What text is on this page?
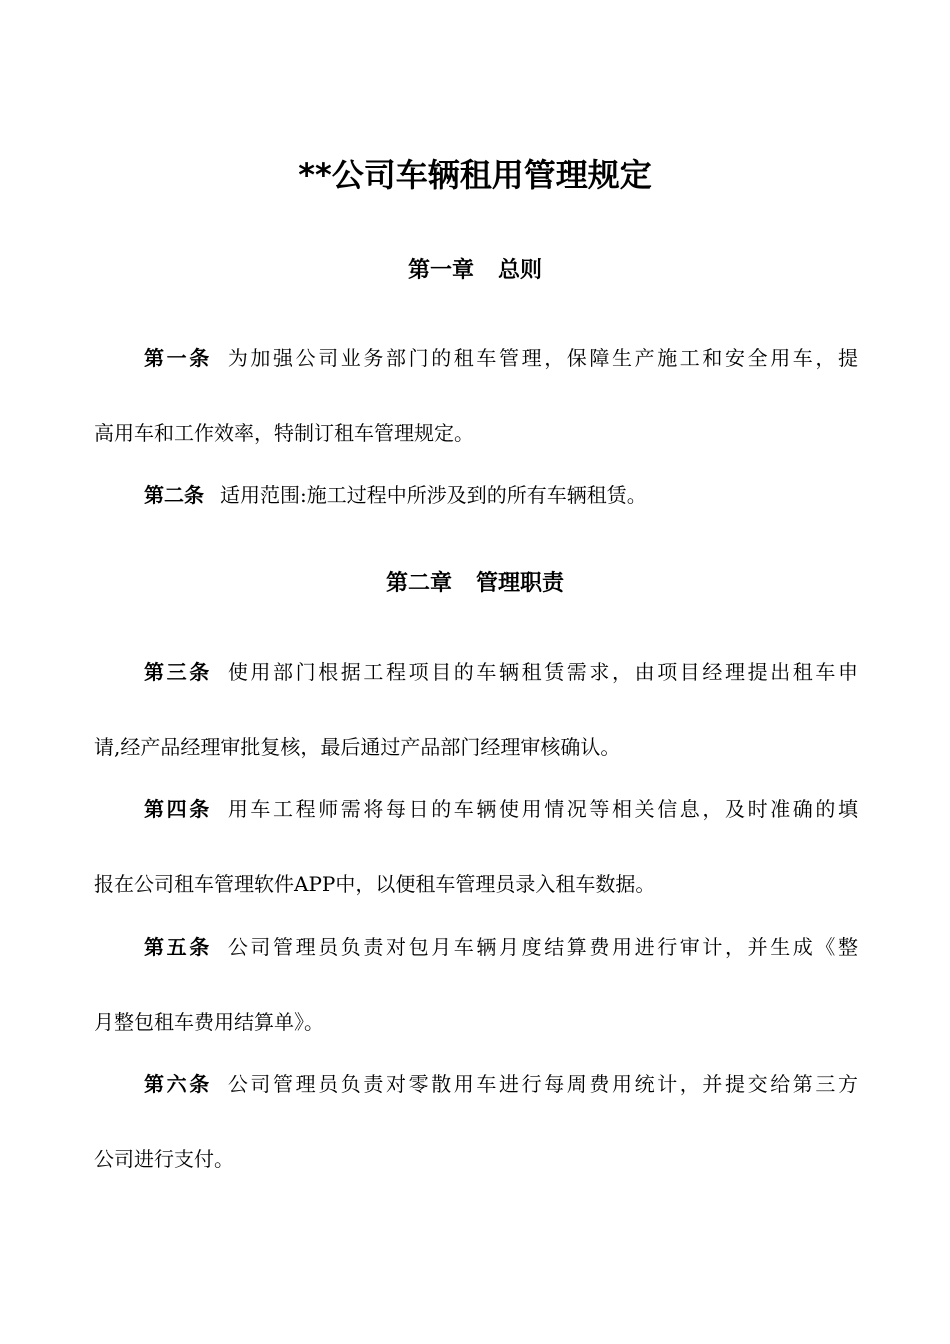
**公司车辆租用管理规定
第一章 总则
第一条 为加强公司业务部门的租车管理，保障生产施工和安全用车，提
高用车和工作效率，特制订租车管理规定。
第二条 适用范围:施工过程中所涉及到的所有车辆租赁。
第二章 管理职责
第三条 使用部门根据工程项目的车辆租赁需求，由项目经理提出租车申
请,经产品经理审批复核，最后通过产品部门经理审核确认。
第四条 用车工程师需将每日的车辆使用情况等相关信息，及时准确的填
报在公司租车管理软件APP中，以便租车管理员录入租车数据。
第五条 公司管理员负责对包月车辆月度结算费用进行审计，并生成《整
月整包租车费用结算单》。
第六条 公司管理员负责对零散用车进行每周费用统计，并提交给第三方
公司进行支付。
